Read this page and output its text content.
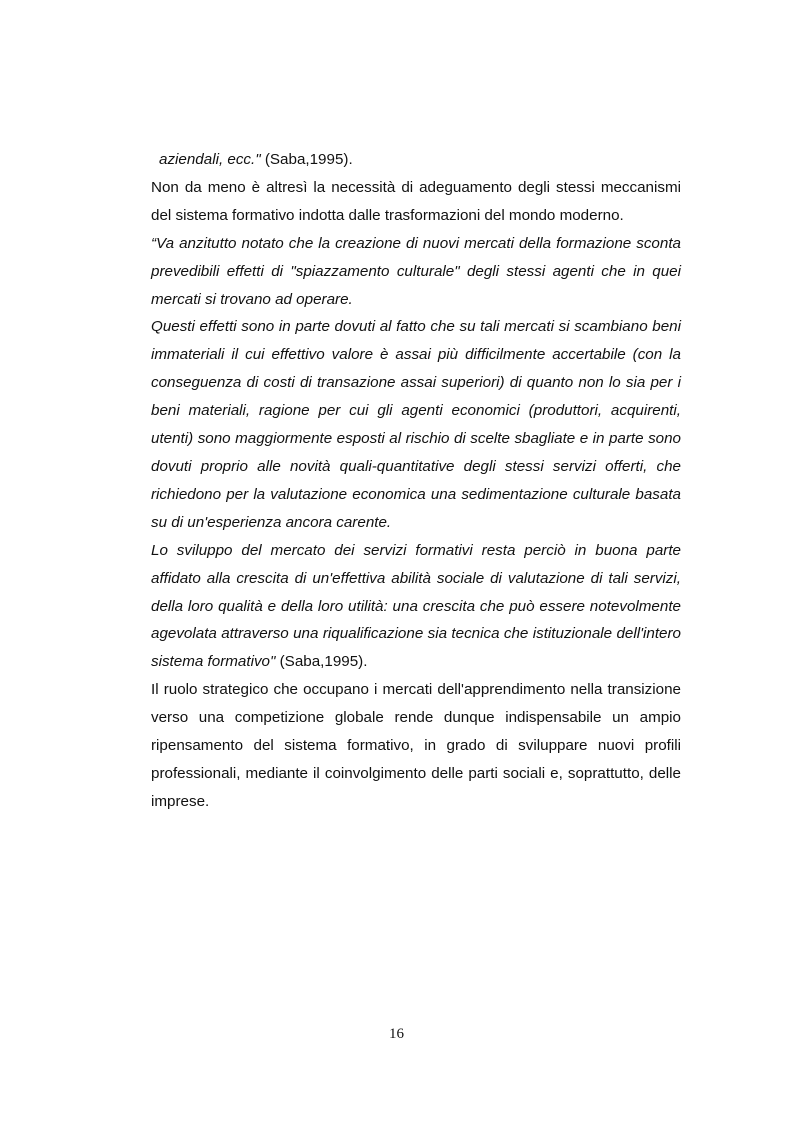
aziendali, ecc." (Saba,1995).

Non da meno è altresì la necessità di adeguamento degli stessi meccanismi del sistema formativo indotta dalle trasformazioni del mondo moderno.

“Va anzitutto notato che la creazione di nuovi mercati della formazione sconta prevedibili effetti di "spiazzamento culturale" degli stessi agenti che in quei mercati si trovano ad operare.

Questi effetti sono in parte dovuti al fatto che su tali mercati si scambiano beni immateriali il cui effettivo valore è assai più difficilmente accertabile (con la conseguenza di costi di transazione assai superiori) di quanto non lo sia per i beni materiali, ragione per cui gli agenti economici (produttori, acquirenti, utenti) sono maggiormente esposti al rischio di scelte sbagliate e in parte sono dovuti proprio alle novità quali-quantitative degli stessi servizi offerti, che richiedono per la valutazione economica una sedimentazione culturale basata su di un'esperienza ancora carente.

Lo sviluppo del mercato dei servizi formativi resta perciò in buona parte affidato alla crescita di un'effettiva abilità sociale di valutazione di tali servizi, della loro qualità e della loro utilità: una crescita che può essere notevolmente agevolata attraverso una riqualificazione sia tecnica che istituzionale dell'intero sistema formativo" (Saba,1995).

Il ruolo strategico che occupano i mercati dell'apprendimento nella transizione verso una competizione globale rende dunque indispensabile un ampio ripensamento del sistema formativo, in grado di sviluppare nuovi profili professionali, mediante il coinvolgimento delle parti sociali e, soprattutto, delle imprese.

16
